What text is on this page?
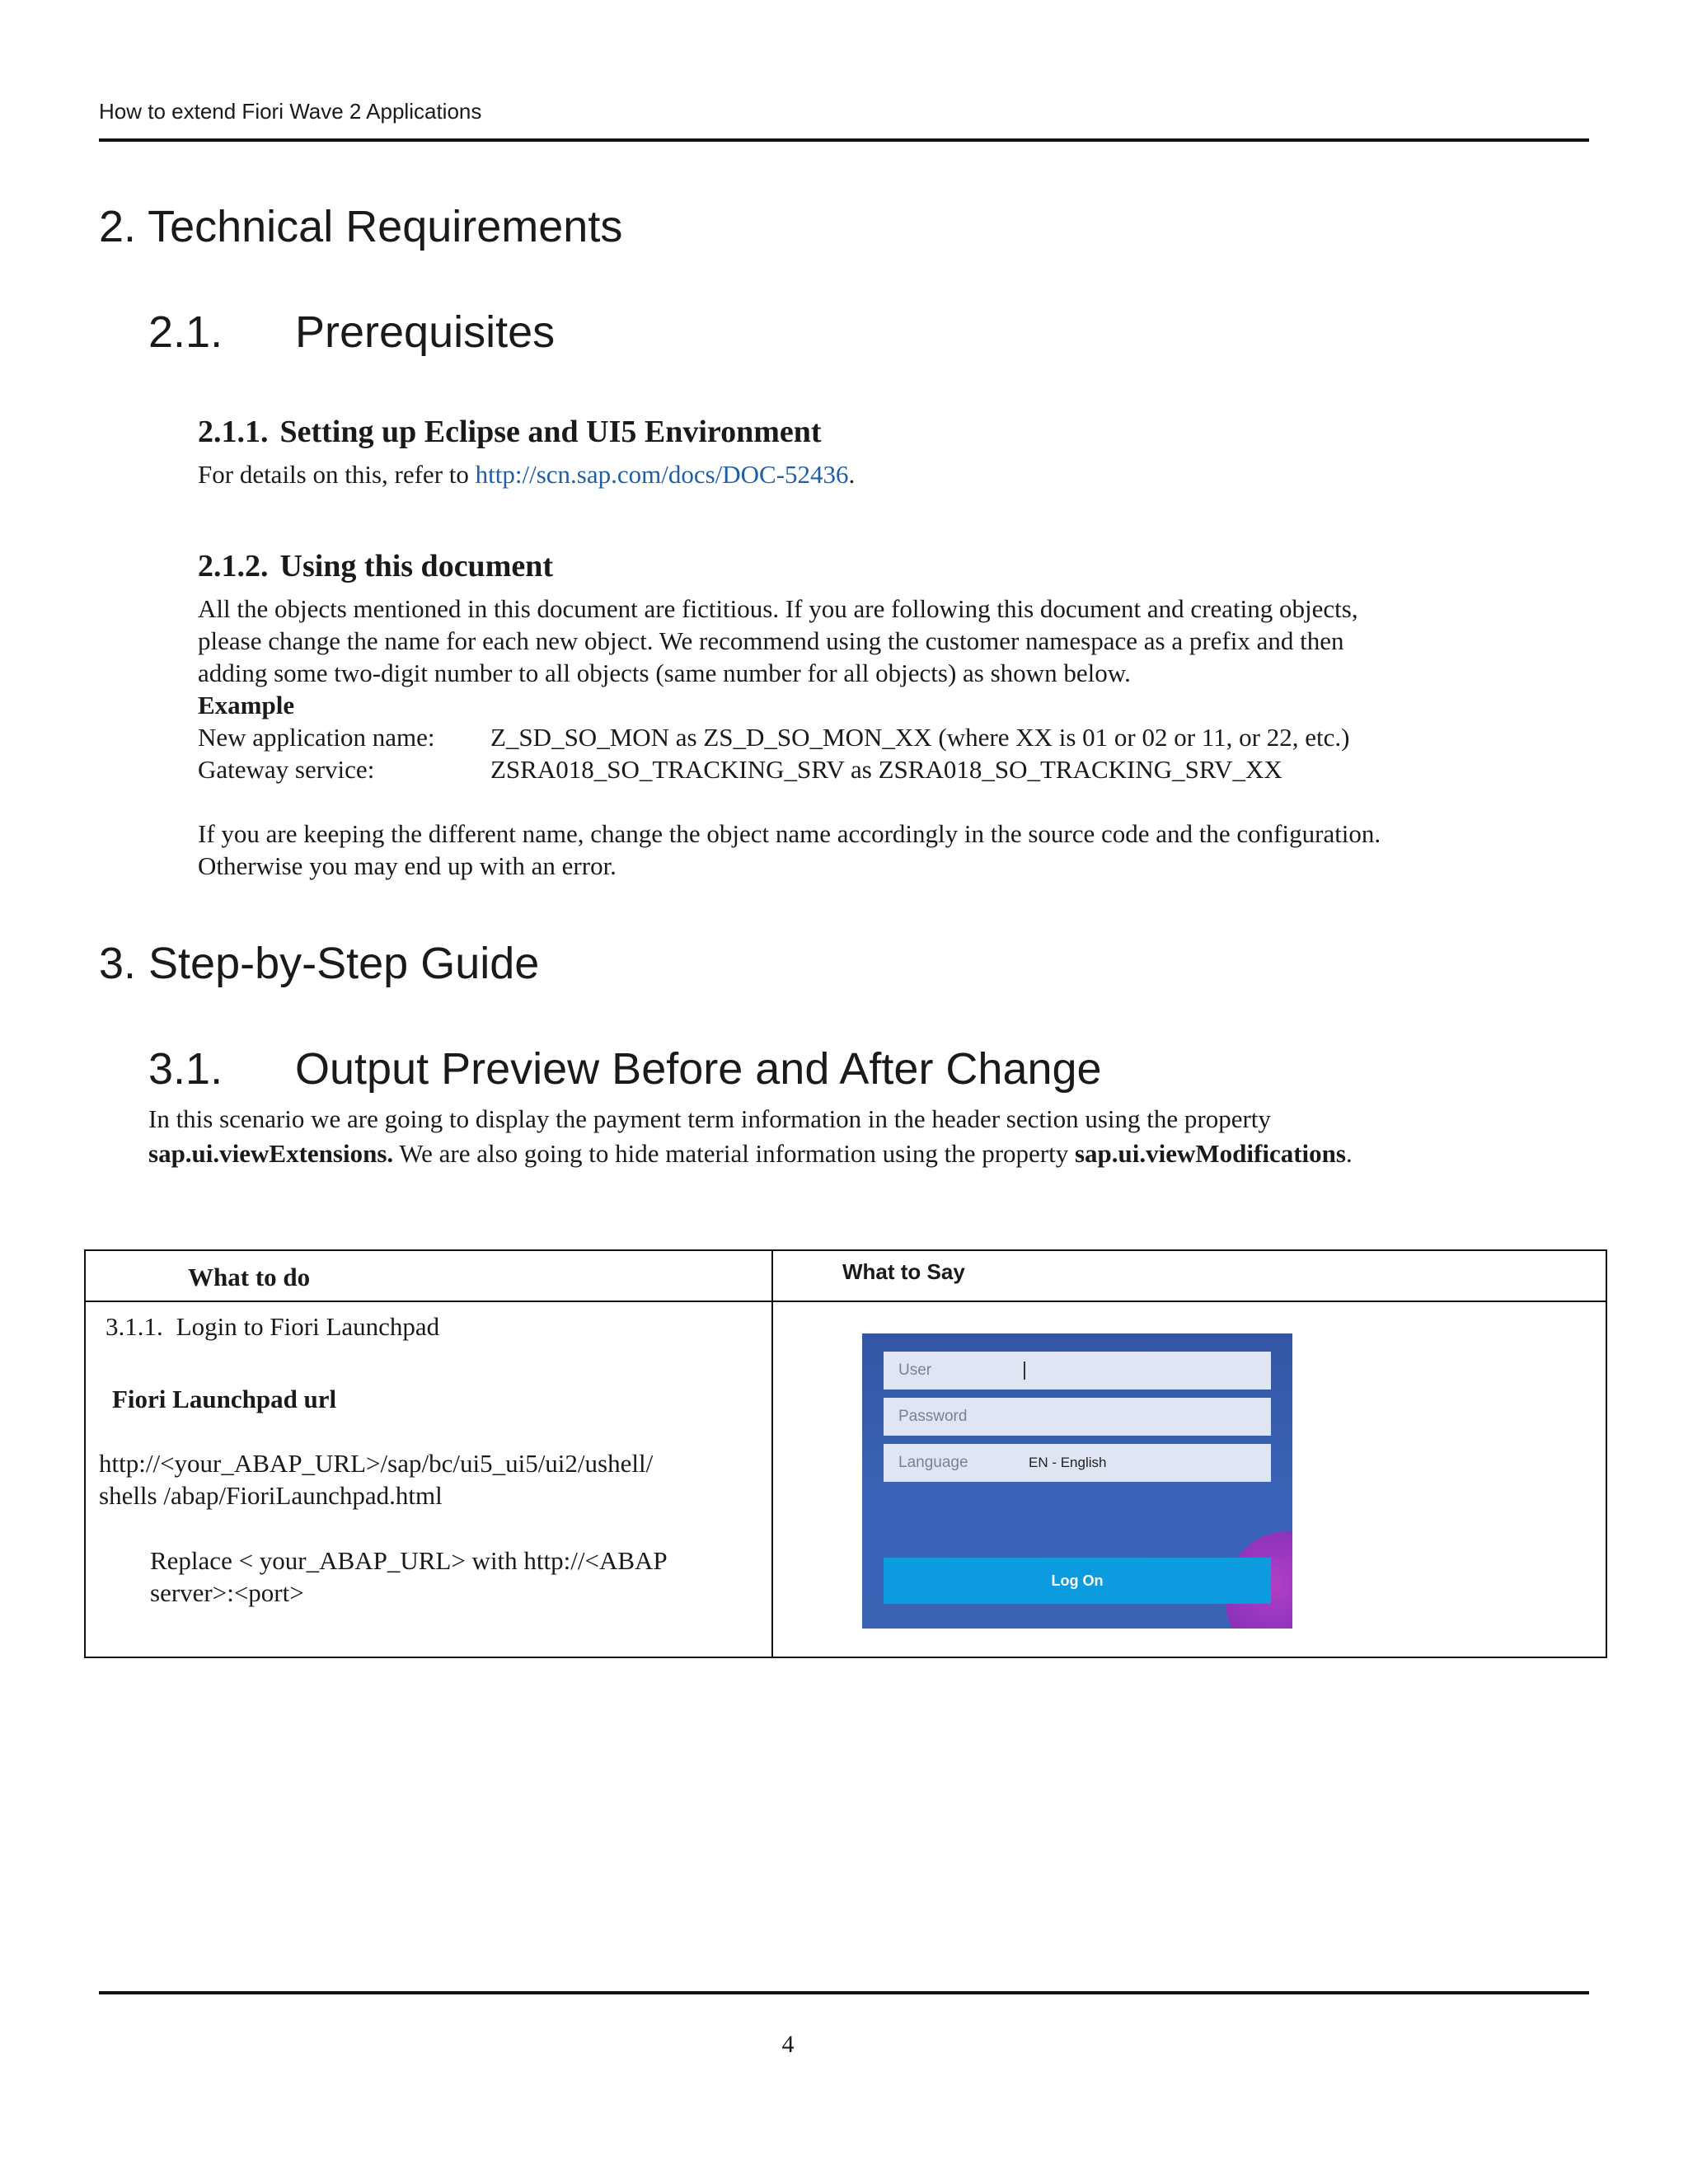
How to extend Fiori Wave 2 Applications
2. Technical Requirements
2.1. Prerequisites
2.1.1. Setting up Eclipse and UI5 Environment
For details on this, refer to http://scn.sap.com/docs/DOC-52436.
2.1.2. Using this document
All the objects mentioned in this document are fictitious. If you are following this document and creating objects,
please change the name for each new object. We recommend using the customer namespace as a prefix and then
adding some two-digit number to all objects (same number for all objects) as shown below.
Example
New application name: Z_SD_SO_MON as ZS_D_SO_MON_XX (where XX is 01 or 02 or 11, or 22, etc.)
Gateway service:	ZSRA018_SO_TRACKING_SRV as ZSRA018_SO_TRACKING_SRV_XX
If you are keeping the different name, change the object name accordingly in the source code and the configuration.
Otherwise you may end up with an error.
3. Step-by-Step Guide
3.1. Output Preview Before and After Change
In this scenario we are going to display the payment term information in the header section using the property
sap.ui.viewExtensions. We are also going to hide material information using the property sap.ui.viewModifications.
What to do	What to Say
3.1.1. Login to Fiori Launchpad
Fiori Launchpad url
http://<your_ABAP_URL>/sap/bc/ui5_ui5/ui2/ushell/
shells /abap/FioriLaunchpad.html
Replace < your_ABAP_URL> with http://<ABAP
server>:<port>
User
Password
Language	EN - English
Log On
4
